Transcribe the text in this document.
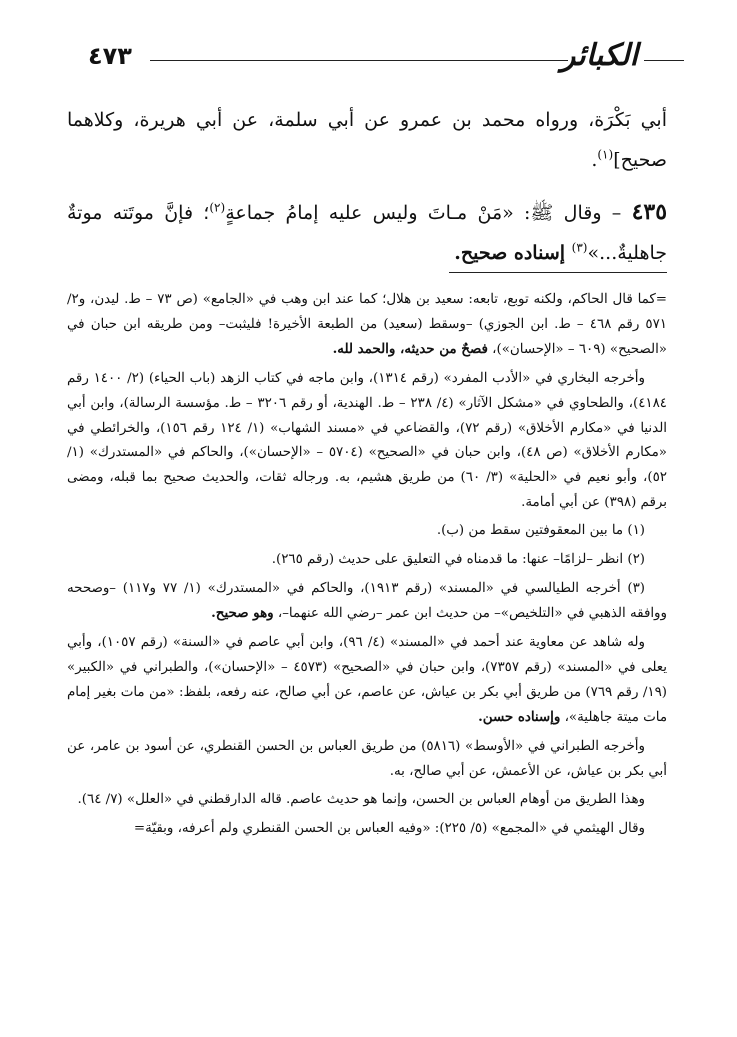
٤٧٣	الكبائر

أبي بَكْرَة، ورواه محمد بن عمرو عن أبي سلمة، عن أبي هريرة، وكلاهما صحيح]$^{(١)}$.

٤٣٥ – وقال ﷺ: «مَنْ مـاتَ وليس عليه إمامُ جماعةٍ$^{(٢)}$؛ فإنَّ موتَته موتةٌ جاهليةٌ...»$^{(٣)}$ إسناده صحيح.

=كما قال الحاكم، ولكنه توبع، تابعه: سعيد بن هلال؛ كما عند ابن وهب في «الجامع» (ص ٧٣ – ط. ليدن، و٢/ ٥٧١ رقم ٤٦٨ – ط. ابن الجوزي) –وسقط (سعيد) من الطبعة الأخيرة! فليثبت– ومن طريقه ابن حبان في «الصحيح» (٦٠٩ – «الإحسان»)، فصحٌ من حديثه، والحمد لله.

وأخرجه البخاري في «الأدب المفرد» (رقم ١٣١٤)، وابن ماجه في كتاب الزهد (باب الحياء) (٢/ ١٤٠٠ رقم ٤١٨٤)، والطحاوي في «مشكل الآثار» (٤/ ٢٣٨ – ط. الهندية، أو رقم ٣٢٠٦ – ط. مؤسسة الرسالة)، وابن أبي الدنيا في «مكارم الأخلاق» (رقم ٧٢)، والقضاعي في «مسند الشهاب» (١/ ١٢٤ رقم ١٥٦)، والخرائطي في «مكارم الأخلاق» (ص ٤٨)، وابن حبان في «الصحيح» (٥٧٠٤ – «الإحسان»)، والحاكم في «المستدرك» (١/ ٥٢)، وأبو نعيم في «الحلية» (٣/ ٦٠) من طريق هشيم، به. ورجاله ثقات، والحديث صحيح بما قبله، ومضى برقم (٣٩٨) عن أبي أمامة.

(١) ما بين المعقوفتين سقط من (ب).

(٢) انظر –لزامًا– عنها: ما قدمناه في التعليق على حديث (رقم ٢٦٥).

(٣) أخرجه الطيالسي في «المسند» (رقم ١٩١٣)، والحاكم في «المستدرك» (١/ ٧٧ و١١٧) –وصححه ووافقه الذهبي في «التلخيص»– من حديث ابن عمر –رضي الله عنهما–، وهو صحيح.

وله شاهد عن معاوية عند أحمد في «المسند» (٤/ ٩٦)، وابن أبي عاصم في «السنة» (رقم ١٠٥٧)، وأبي يعلى في «المسند» (رقم ٧٣٥٧)، وابن حبان في «الصحيح» (٤٥٧٣ – «الإحسان»)، والطبراني في «الكبير» (١٩/ رقم ٧٦٩) من طريق أبي بكر بن عياش، عن عاصم، عن أبي صالح، عنه رفعه، بلفظ: «من مات بغير إمام مات ميتة جاهلية»، وإسناده حسن.

وأخرجه الطبراني في «الأوسط» (٥٨١٦) من طريق العباس بن الحسن القنطري، عن أسود بن عامر، عن أبي بكر بن عياش، عن الأعمش، عن أبي صالح، به.

وهذا الطريق من أوهام العباس بن الحسن، وإنما هو حديث عاصم. قاله الدارقطني في «العلل» (٧/ ٦٤).

وقال الهيثمي في «المجمع» (٥/ ٢٢٥): «وفيه العباس بن الحسن القنطري ولم أعرفه، وبقيّة=
